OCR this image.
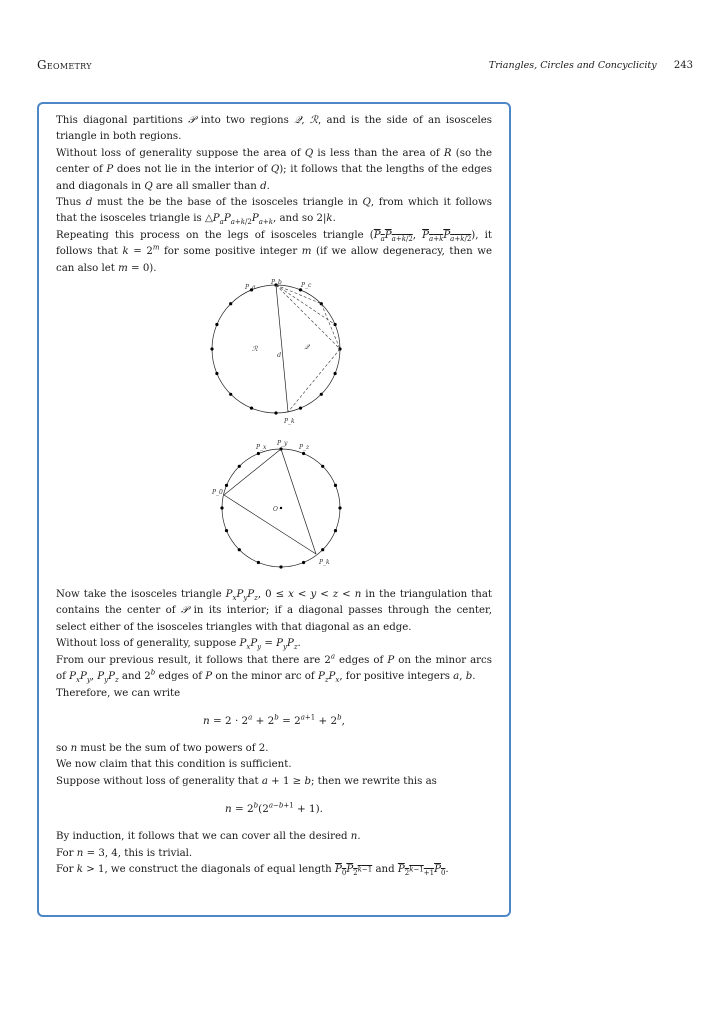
Geometry	Triangles, Circles and Concyclicity 243

This diagonal partitions 𝒫 into two regions 𝒬, ℛ, and is the side of an isosceles triangle in both regions.

Without loss of generality suppose the area of Q is less than the area of R (so the center of P does not lie in the interior of Q); it follows that the lengths of the edges and diagonals in Q are all smaller than d.

Thus d must the be the base of the isosceles triangle in Q, from which it follows that the isosceles triangle is $\triangle P_aP_{a+k/2}P_{a+k}$, and so 2|k.

Repeating this process on the legs of isosceles triangle ($P_aP_{a+k/2}$, $P_{a+k}P_{a+k/2}$), it follows that $k = 2^m$ for some positive integer m (if we allow degeneracy, then we can also let m = 0).

P_a
P_b	P_c
P_k
ℛ	𝒬
d
P_x
P_y
P_z
P_0
P_k
O

Now take the isosceles triangle $P_xP_yP_z$, 0 ≤ x < y < z < n in the triangulation that contains the center of 𝒫 in its interior; if a diagonal passes through the center, select either of the isosceles triangles with that diagonal as an edge.

Without loss of generality, suppose $P_xP_y = P_yP_z$.

From our previous result, it follows that there are 2$^a$ edges of P on the minor arcs of $P_xP_y$, $P_yP_z$ and 2$^b$ edges of P on the minor arc of $P_zP_x$, for positive integers a, b.

Therefore, we can write

$n = 2 \cdot 2^a + 2^b = 2^{a+1} + 2^b$,

so n must be the sum of two powers of 2.

We now claim that this condition is sufficient.

Suppose without loss of generality that a + 1 ≥ b; then we rewrite this as

$n = 2^b(2^{a-b+1} + 1)$.

By induction, it follows that we can cover all the desired n.

For n = 3, 4, this is trivial.

For k > 1, we construct the diagonals of equal length $P_0P_{2^{k-1}}$ and $P_{2^{k-1}+1}P_0$.
